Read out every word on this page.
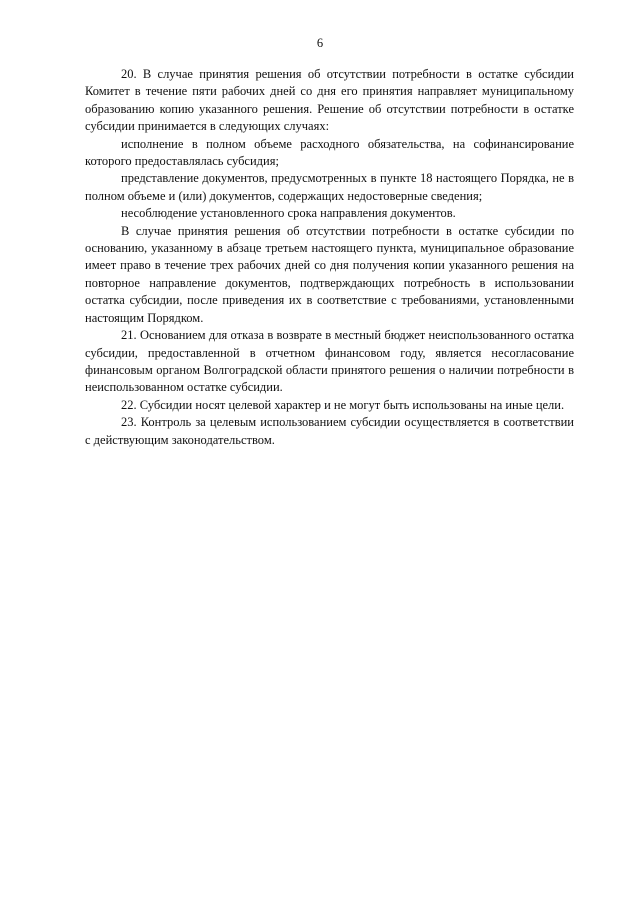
6

20. В случае принятия решения об отсутствии потребности в остатке субсидии Комитет в течение пяти рабочих дней со дня его принятия направляет муниципальному образованию копию указанного решения. Решение об отсутствии потребности в остатке субсидии принимается в следующих случаях:

исполнение в полном объеме расходного обязательства, на софинансирование которого предоставлялась субсидия;

представление документов, предусмотренных в пункте 18 настоящего Порядка, не в полном объеме и (или) документов, содержащих недостоверные сведения;

несоблюдение установленного срока направления документов.

В случае принятия решения об отсутствии потребности в остатке субсидии по основанию, указанному в абзаце третьем настоящего пункта, муниципальное образование имеет право в течение трех рабочих дней со дня получения копии указанного решения на повторное направление документов, подтверждающих потребность в использовании остатка субсидии, после приведения их в соответствие с требованиями, установленными настоящим Порядком.

21. Основанием для отказа в возврате в местный бюджет неиспользованного остатка субсидии, предоставленной в отчетном финансовом году, является несогласование финансовым органом Волгоградской области принятого решения о наличии потребности в неиспользованном остатке субсидии.

22. Субсидии носят целевой характер и не могут быть использованы на иные цели.

23. Контроль за целевым использованием субсидии осуществляется в соответствии с действующим законодательством.
